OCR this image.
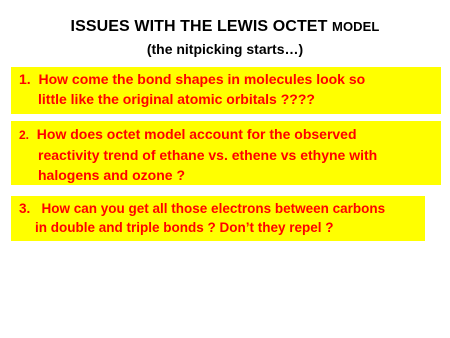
ISSUES WITH THE LEWIS OCTET MODEL
(the nitpicking starts…)
1. How come the bond shapes in molecules look so
little like the original atomic orbitals ????
2. How does octet model account for the observed
reactivity trend of ethane vs. ethene vs ethyne with
halogens and ozone ?
3. How can you get all those electrons between carbons
in double and triple bonds ? Don’t they repel ?
